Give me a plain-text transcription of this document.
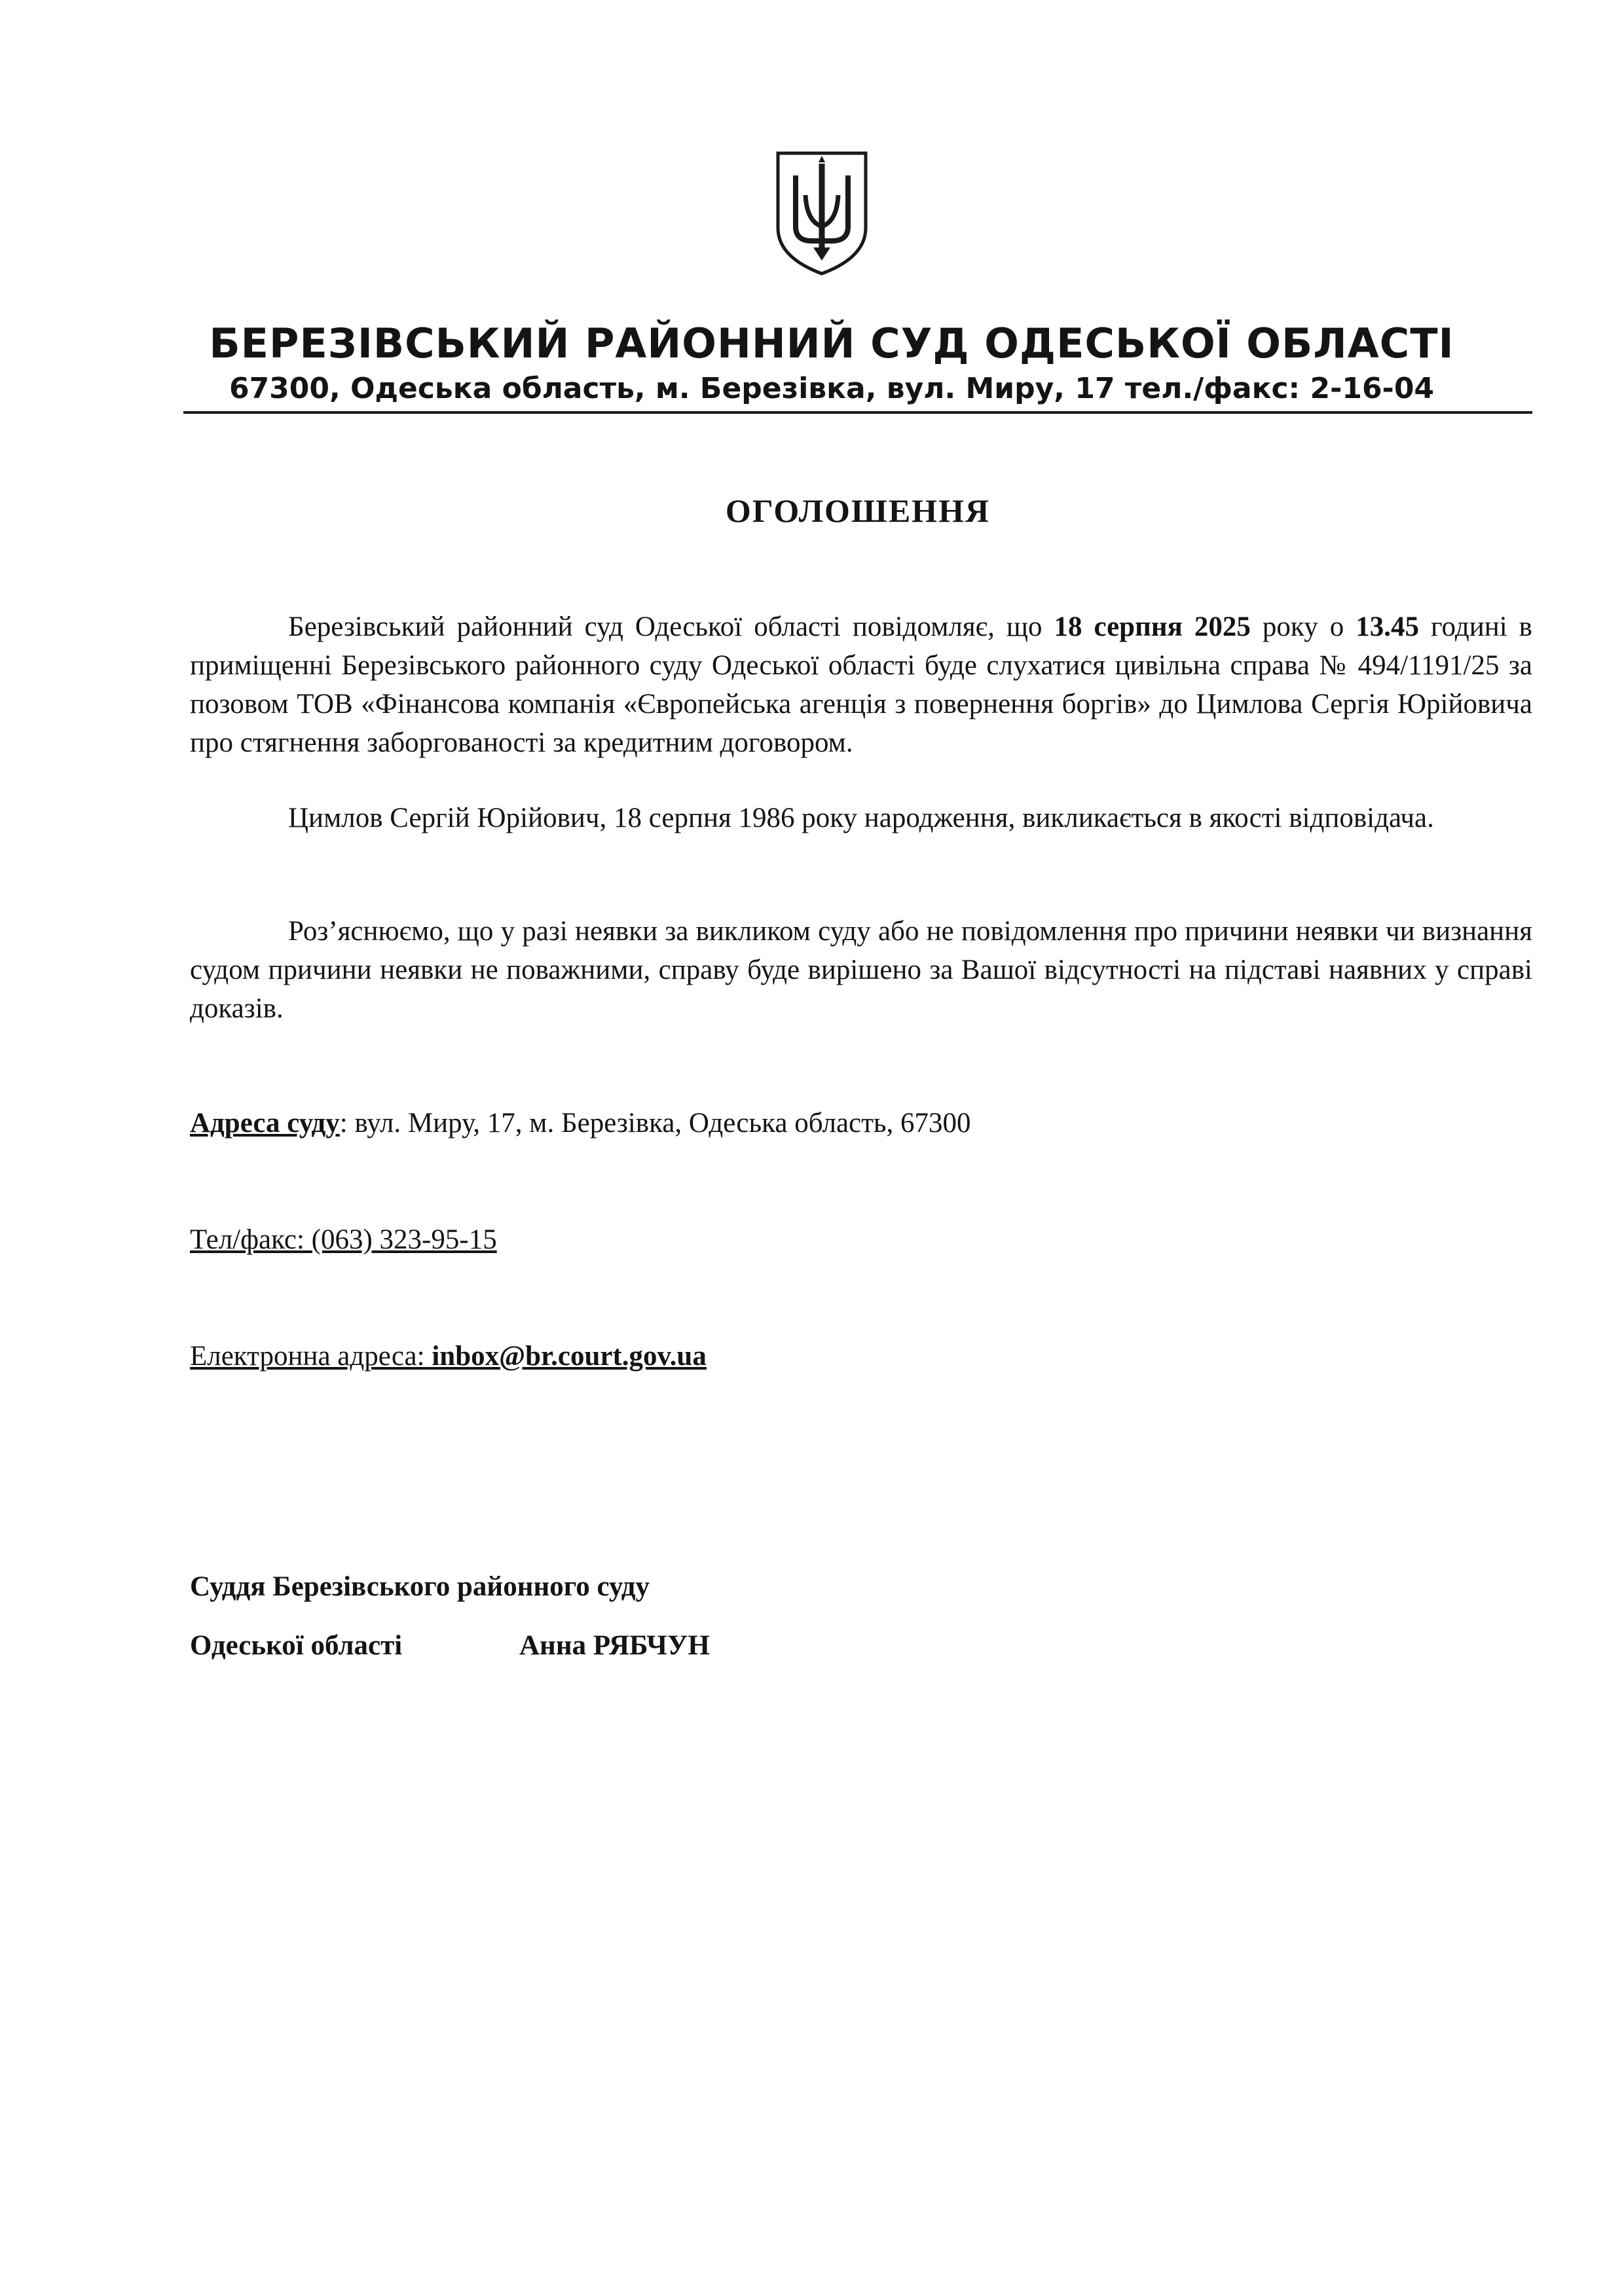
БЕРЕЗІВСЬКИЙ РАЙОННИЙ СУД ОДЕСЬКОЇ ОБЛАСТІ
67300, Одеська область, м. Березівка, вул. Миру, 17 тел./факс: 2-16-04
ОГОЛОШЕННЯ
Березівський районний суд Одеської області повідомляє, що 18 серпня 2025 року о 13.45 годині в приміщенні Березівського районного суду Одеської області буде слухатися цивільна справа № 494/1191/25 за позовом ТОВ «Фінансова компанія «Європейська агенція з повернення боргів» до Цимлова Сергія Юрійовича про стягнення заборгованості за кредитним договором.
Цимлов Сергій Юрійович, 18 серпня 1986 року народження, викликається в якості відповідача.
Роз’яснюємо, що у разі неявки за викликом суду або не повідомлення про причини неявки чи визнання судом причини неявки не поважними, справу буде вирішено за Вашої відсутності на підставі наявних у справі доказів.
Адреса суду: вул. Миру, 17, м. Березівка, Одеська область, 67300
Тел/факс: (063) 323-95-15
Електронна адреса: inbox@br.court.gov.ua
Суддя Березівського районного суду
Одеської області	Анна РЯБЧУН
